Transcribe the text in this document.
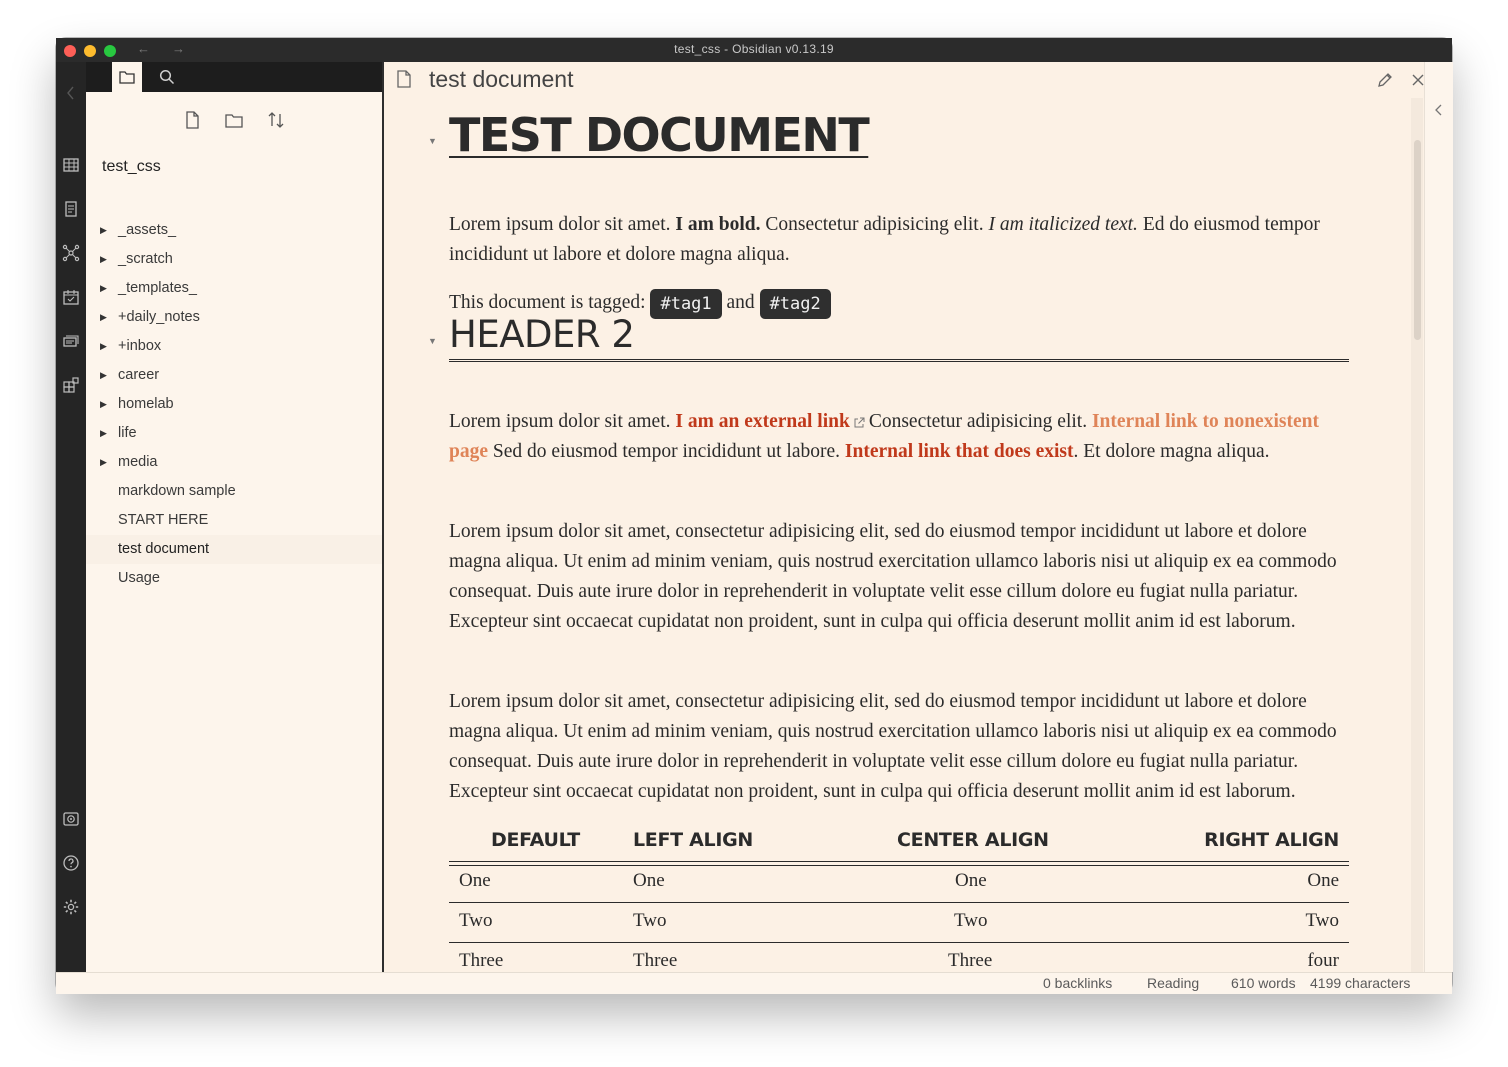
← →	test_css - Obsidian v0.13.19
test_css
▶ _assets_
▶ _scratch
▶ _templates_
▶ +daily_notes
▶ +inbox
▶ career
▶ homelab
▶ life
▶ media
markdown sample
START HERE
test document
Usage
test document
▼ TEST DOCUMENT
Lorem ipsum dolor sit amet. I am bold. Consectetur adipisicing elit. I am italicized text. Ed do eiusmod tempor incididunt ut labore et dolore magna aliqua.
This document is tagged: #tag1 and #tag2
▼ HEADER 2
Lorem ipsum dolor sit amet. I am an external link Consectetur adipisicing elit. Internal link to nonexistent page Sed do eiusmod tempor incididunt ut labore. Internal link that does exist. Et dolore magna aliqua.
Lorem ipsum dolor sit amet, consectetur adipisicing elit, sed do eiusmod tempor incididunt ut labore et dolore magna aliqua. Ut enim ad minim veniam, quis nostrud exercitation ullamco laboris nisi ut aliquip ex ea commodo consequat. Duis aute irure dolor in reprehenderit in voluptate velit esse cillum dolore eu fugiat nulla pariatur. Excepteur sint occaecat cupidatat non proident, sunt in culpa qui officia deserunt mollit anim id est laborum.
Lorem ipsum dolor sit amet, consectetur adipisicing elit, sed do eiusmod tempor incididunt ut labore et dolore magna aliqua. Ut enim ad minim veniam, quis nostrud exercitation ullamco laboris nisi ut aliquip ex ea commodo consequat. Duis aute irure dolor in reprehenderit in voluptate velit esse cillum dolore eu fugiat nulla pariatur. Excepteur sint occaecat cupidatat non proident, sunt in culpa qui officia deserunt mollit anim id est laborum.
DEFAULT	LEFT ALIGN	CENTER ALIGN	RIGHT ALIGN
One	One	One	One
Two	Two	Two	Two
Three	Three	Three	four
0 backlinks Reading 610 words 4199 characters
